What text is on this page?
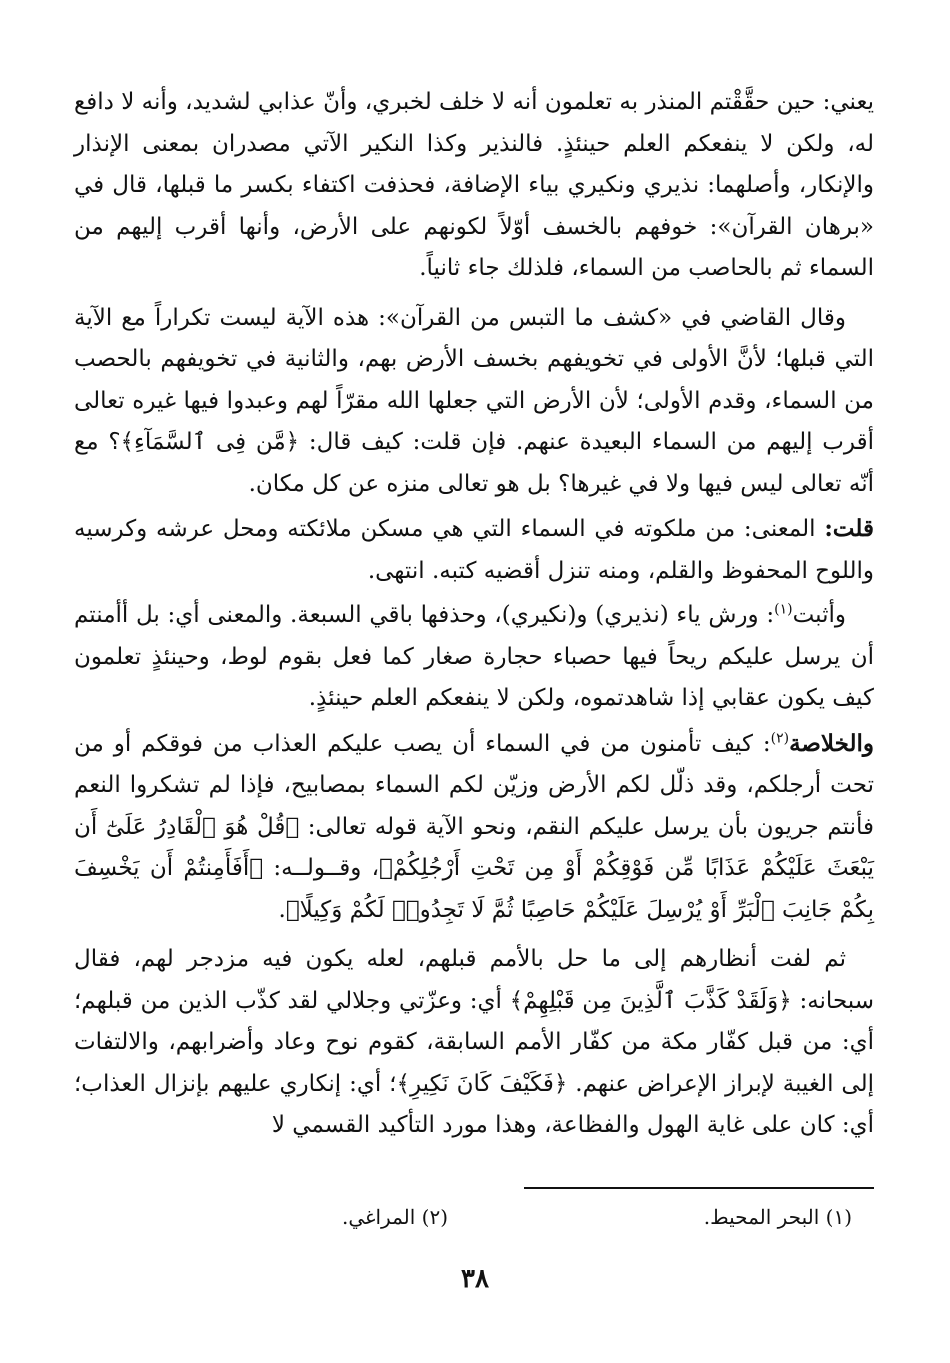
يعني: حين حقَّقْتم المنذر به تعلمون أنه لا خلف لخبري، وأنّ عذابي لشديد، وأنه لا دافع له، ولكن لا ينفعكم العلم حينئذٍ. فالنذير وكذا النكير الآتي مصدران بمعنى الإنذار والإنكار، وأصلهما: نذيري ونكيري بياء الإضافة، فحذفت اكتفاء بكسر ما قبلها، قال في «برهان القرآن»: خوفهم بالخسف أوّلاً لكونهم على الأرض، وأنها أقرب إليهم من السماء ثم بالحاصب من السماء، فلذلك جاء ثانياً.

وقال القاضي في «كشف ما التبس من القرآن»: هذه الآية ليست تكراراً مع الآية التي قبلها؛ لأنَّ الأولى في تخويفهم بخسف الأرض بهم، والثانية في تخويفهم بالحصب من السماء، وقدم الأولى؛ لأن الأرض التي جعلها الله مقرّاً لهم وعبدوا فيها غيره تعالى أقرب إليهم من السماء البعيدة عنهم. فإن قلت: كيف قال: ﴿مَّن فِى ٱلسَّمَآءِ﴾؟ مع أنّه تعالى ليس فيها ولا في غيرها؟ بل هو تعالى منزه عن كل مكان.

قلت: المعنى: من ملكوته في السماء التي هي مسكن ملائكته ومحل عرشه وكرسيه واللوح المحفوظ والقلم، ومنه تنزل أقضيه كتبه. انتهى.

وأثبت$^{(١)}$: ورش ياء (نذيري) و(نكيري)، وحذفها باقي السبعة. والمعنى أي: بل أأمنتم أن يرسل عليكم ريحاً فيها حصباء حجارة صغار كما فعل بقوم لوط، وحينئذٍ تعلمون كيف يكون عقابي إذا شاهدتموه، ولكن لا ينفعكم العلم حينئذٍ.

والخلاصة$^{(٢)}$: كيف تأمنون من في السماء أن يصب عليكم العذاب من فوقكم أو من تحت أرجلكم، وقد ذلّل لكم الأرض وزيّن لكم السماء بمصابيح، فإذا لم تشكروا النعم فأنتم جريون بأن يرسل عليكم النقم، ونحو الآية قوله تعالى: ﴿قُلْ هُوَ ٱلْقَادِرُ عَلَىٰٓ أَن يَبْعَثَ عَلَيْكُمْ عَذَابًا مِّن فَوْقِكُمْ أَوْ مِن تَحْتِ أَرْجُلِكُمْ﴾، وقــولــه: ﴿أَفَأَمِنتُمْ أَن يَخْسِفَ بِكُمْ جَانِبَ ٱلْبَرِّ أَوْ يُرْسِلَ عَلَيْكُمْ حَاصِبًا ثُمَّ لَا تَجِدُوا۟ لَكُمْ وَكِيلًا﴾.

ثم لفت أنظارهم إلى ما حل بالأمم قبلهم، لعله يكون فيه مزدجر لهم، فقال سبحانه: ﴿وَلَقَدْ كَذَّبَ ٱلَّذِينَ مِن قَبْلِهِمْ﴾ أي: وعزّتي وجلالي لقد كذّب الذين من قبلهم؛ أي: من قبل كفّار مكة من كفّار الأمم السابقة، كقوم نوح وعاد وأضرابهم، والالتفات إلى الغيبة لإبراز الإعراض عنهم. ﴿فَكَيْفَ كَانَ نَكِيرِ﴾؛ أي: إنكاري عليهم بإنزال العذاب؛ أي: كان على غاية الهول والفظاعة، وهذا مورد التأكيد القسمي لا

(١) البحر المحيط.
(٢) المراغي.
٣٨
